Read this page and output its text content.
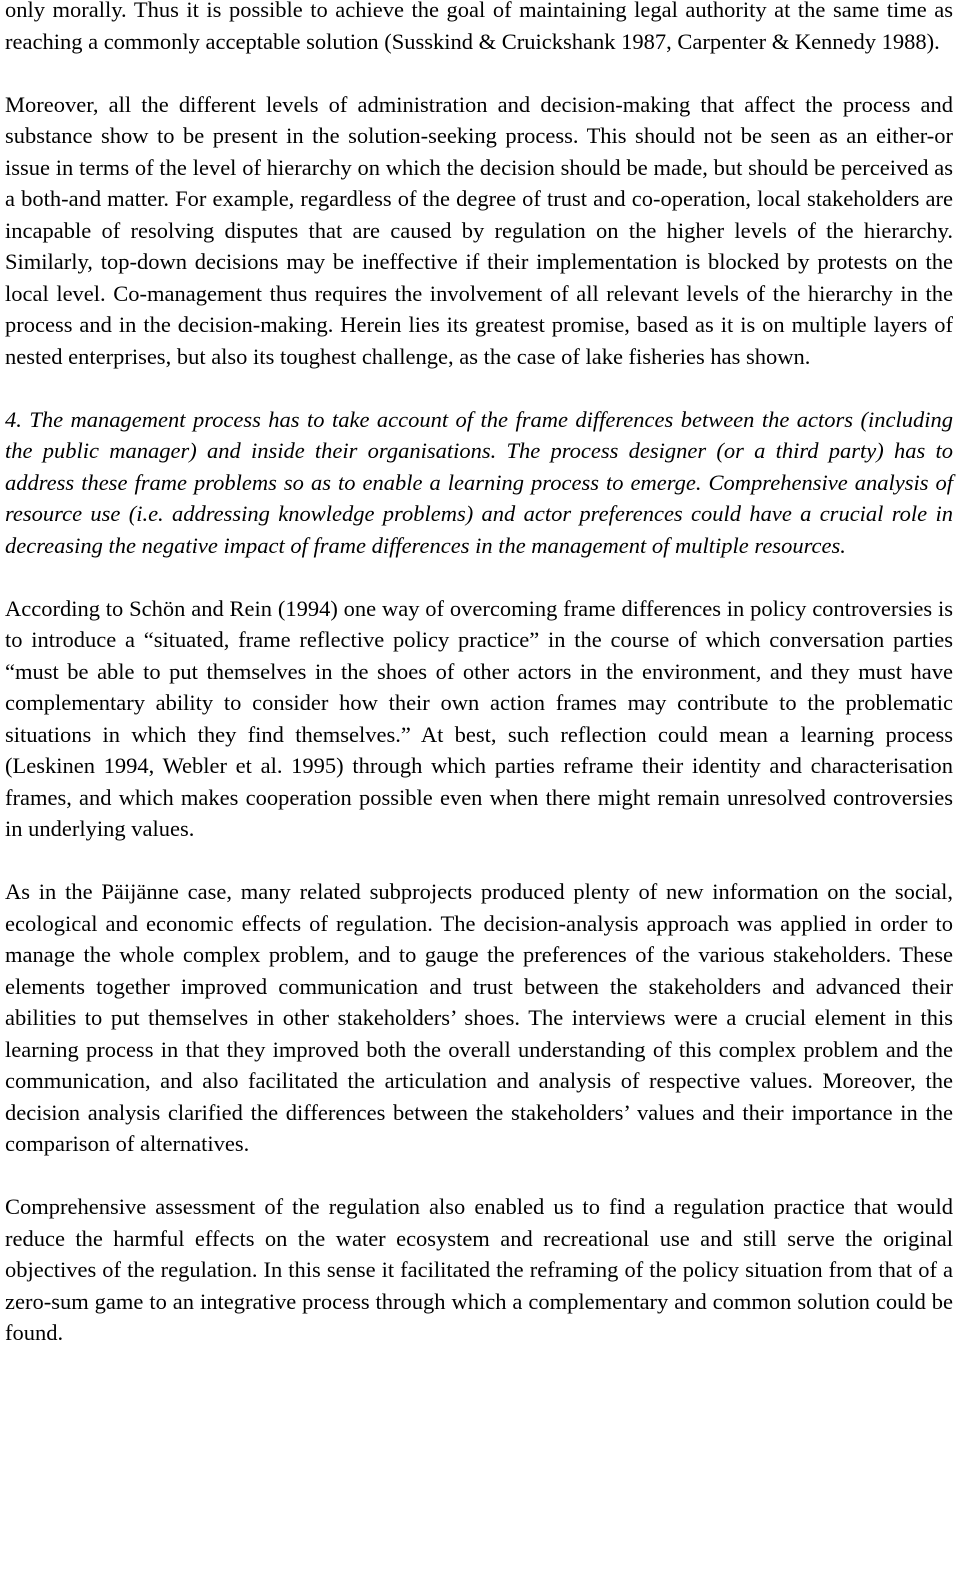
only morally. Thus it is possible to achieve the goal of maintaining legal authority at the same time as reaching a commonly acceptable solution (Susskind & Cruickshank 1987, Carpenter & Kennedy 1988).

Moreover, all the different levels of administration and decision-making that affect the process and substance show to be present in the solution-seeking process. This should not be seen as an either-or issue in terms of the level of hierarchy on which the decision should be made, but should be perceived as a both-and matter. For example, regardless of the degree of trust and co-operation, local stakeholders are incapable of resolving disputes that are caused by regulation on the higher levels of the hierarchy. Similarly, top-down decisions may be ineffective if their implementation is blocked by protests on the local level. Co-management thus requires the involvement of all relevant levels of the hierarchy in the process and in the decision-making. Herein lies its greatest promise, based as it is on multiple layers of nested enterprises, but also its toughest challenge, as the case of lake fisheries has shown.

4. The management process has to take account of the frame differences between the actors (including the public manager) and inside their organisations. The process designer (or a third party) has to address these frame problems so as to enable a learning process to emerge. Comprehensive analysis of resource use (i.e. addressing knowledge problems) and actor preferences could have a crucial role in decreasing the negative impact of frame differences in the management of multiple resources.

According to Schön and Rein (1994) one way of overcoming frame differences in policy controversies is to introduce a “situated, frame reflective policy practice” in the course of which conversation parties “must be able to put themselves in the shoes of other actors in the environment, and they must have complementary ability to consider how their own action frames may contribute to the problematic situations in which they find themselves.” At best, such reflection could mean a learning process (Leskinen 1994, Webler et al. 1995) through which parties reframe their identity and characterisation frames, and which makes cooperation possible even when there might remain unresolved controversies in underlying values.

As in the Päijänne case, many related subprojects produced plenty of new information on the social, ecological and economic effects of regulation. The decision-analysis approach was applied in order to manage the whole complex problem, and to gauge the preferences of the various stakeholders. These elements together improved communication and trust between the stakeholders and advanced their abilities to put themselves in other stakeholders’ shoes. The interviews were a crucial element in this learning process in that they improved both the overall understanding of this complex problem and the communication, and also facilitated the articulation and analysis of respective values. Moreover, the decision analysis clarified the differences between the stakeholders’ values and their importance in the comparison of alternatives.

Comprehensive assessment of the regulation also enabled us to find a regulation practice that would reduce the harmful effects on the water ecosystem and recreational use and still serve the original objectives of the regulation. In this sense it facilitated the reframing of the policy situation from that of a zero-sum game to an integrative process through which a complementary and common solution could be found.
